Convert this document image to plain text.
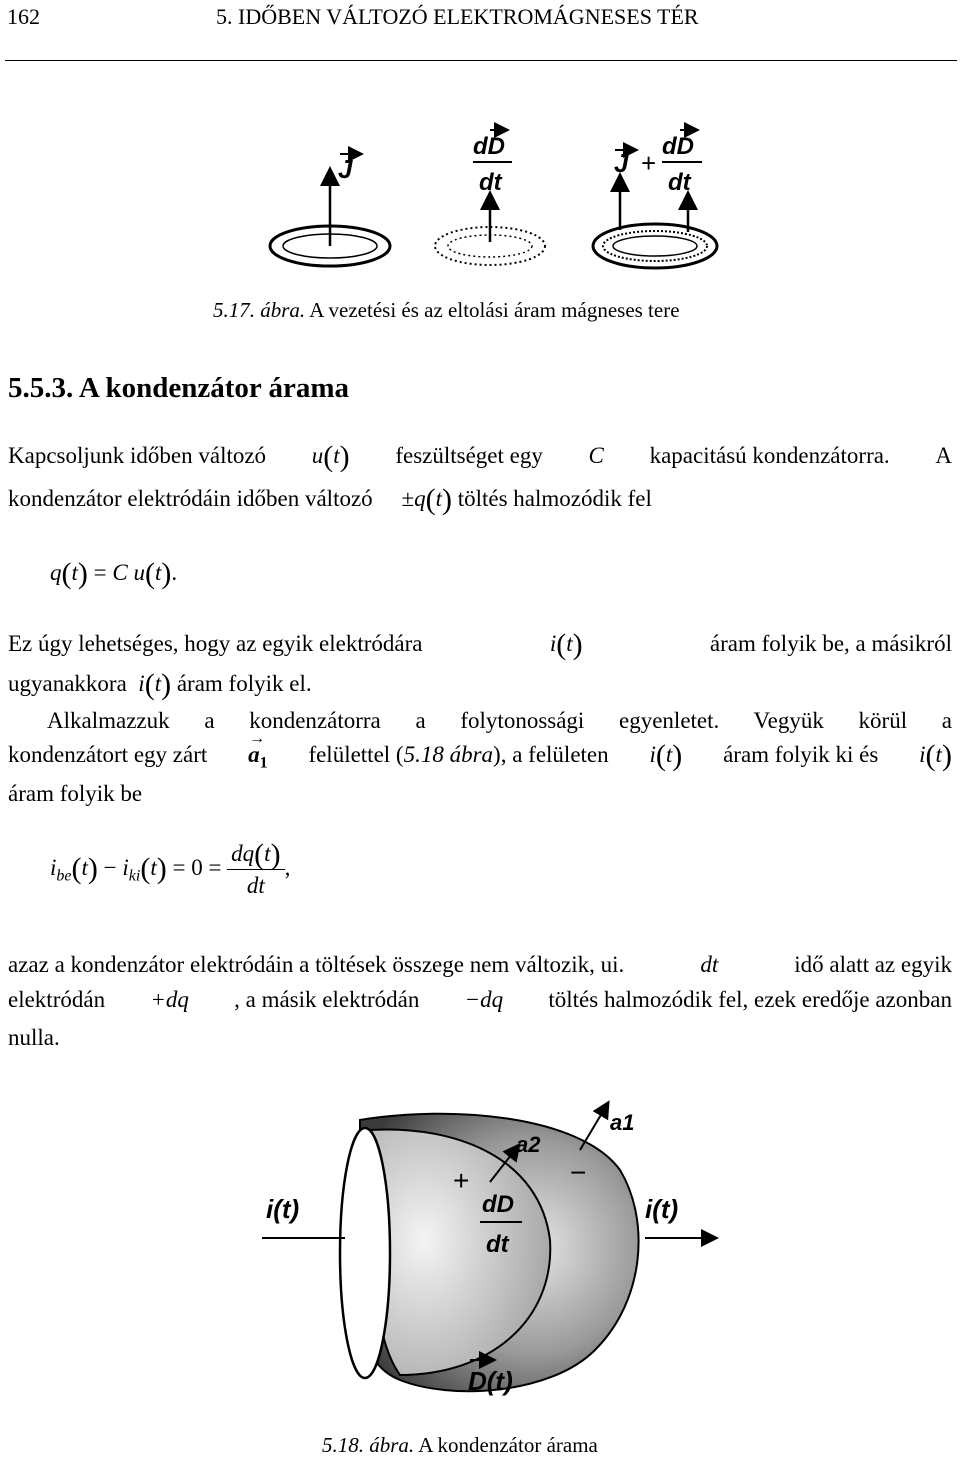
162	5. IDŐBEN VÁLTOZÓ ELEKTROMÁGNESES TÉR
J
dD
dt
J +
dD
dt
5.17. ábra. A vezetési és az eltolási áram mágneses tere
5.5.3. A kondenzátor árama
Kapcsoljunk időben változó u(t) feszültséget egy C kapacitású kondenzátorra. A
kondenzátor elektródáin időben változó ±q(t) töltés halmozódik fel
q(t) = C u(t).
Ez úgy lehetséges, hogy az egyik elektródára	i(t)	áram folyik be, a másikról
ugyanakkora i(t) áram folyik el.
Alkalmazzuk a kondenzátorra a folytonossági egyenletet. Vegyük körül a
kondenzátort egy zárt
→
$a_1$ felülettel (5.18 ábra), a felületen i(t) áram folyik ki és i(t)
áram folyik be
$i_{be}(t) - i_{ki}(t) = 0 = \frac{dq(t)}{dt}$ ,
azaz a kondenzátor elektródáin a töltések összege nem változik, ui.	dt	idő alatt az egyik
elektródán +dq , a másik elektródán −dq töltés halmozódik fel, ezek eredője azonban
nulla.
i(t)	i(t)
a1
a2
+	−
dD
dt
D(t)
5.18. ábra. A kondenzátor árama
